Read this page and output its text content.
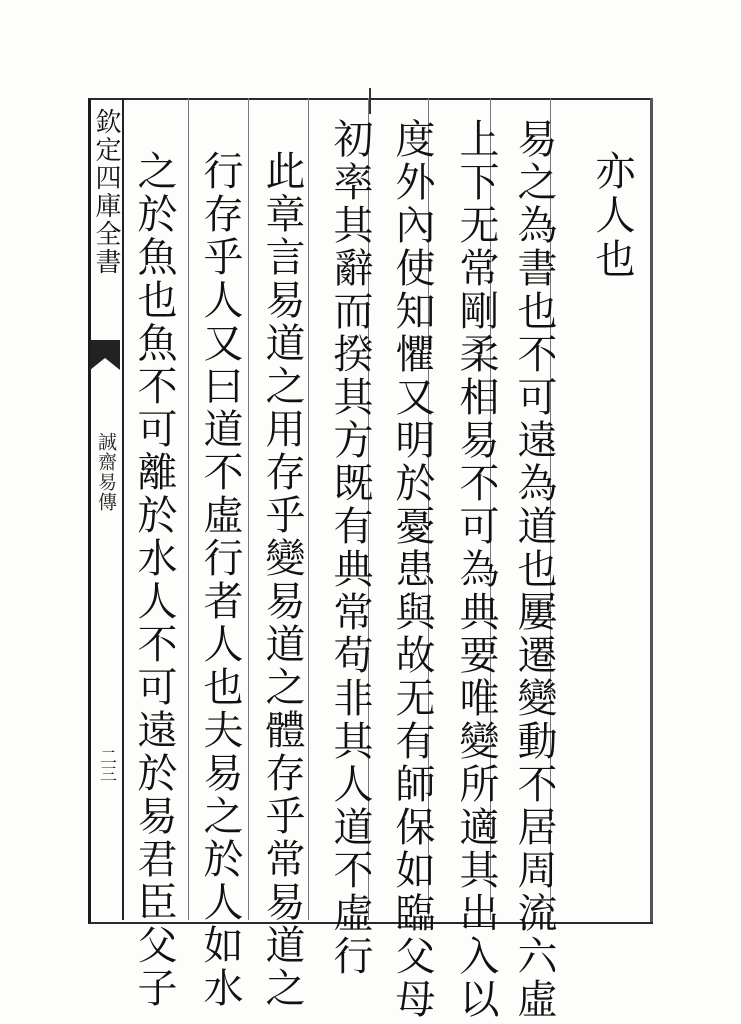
欽定四庫全書
誠齋易傳
二三
亦人也
易之為書也不可遠為道也屢遷變動不居周流六虛
上下无常剛柔相易不可為典要唯變所適其出入以
度外內使知懼又明於憂患與故无有師保如臨父母
初率其辭而揆其方既有典常苟非其人道不虛行
此章言易道之用存乎變易道之體存乎常易道之
行存乎人又曰道不虛行者人也夫易之於人如水
之於魚也魚不可離於水人不可遠於易君臣父子
